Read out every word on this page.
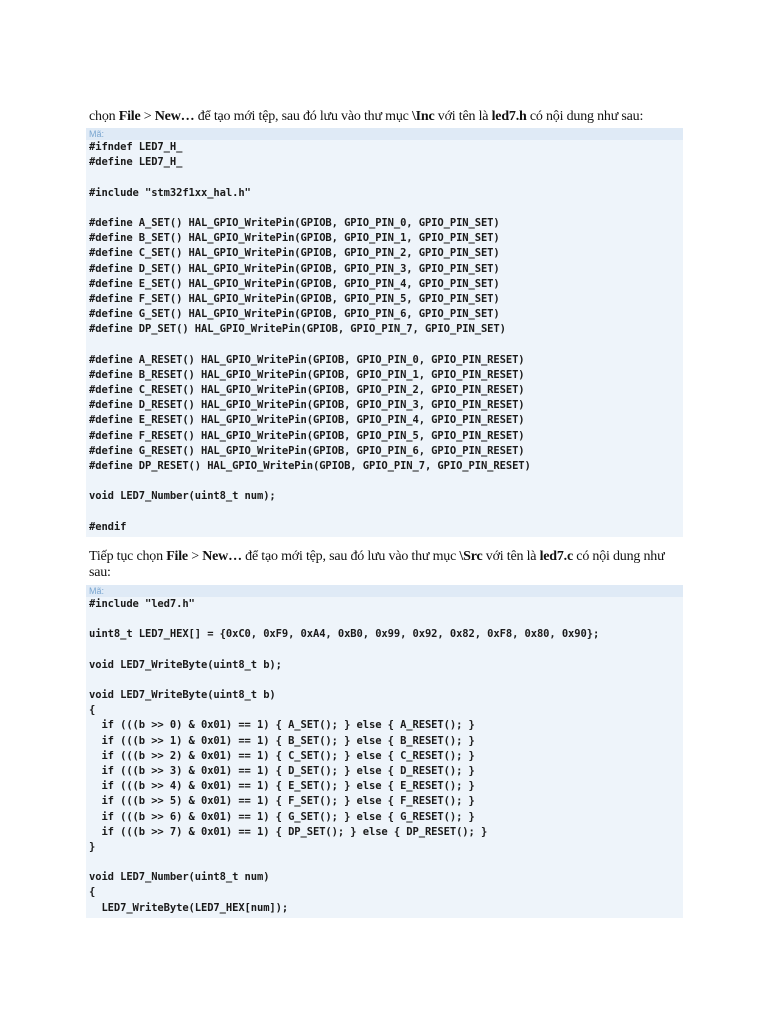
chọn File > New… để tạo mới tệp, sau đó lưu vào thư mục \Inc với tên là led7.h có nội dung như sau:

Mã:
#ifndef LED7_H_
#define LED7_H_
#include "stm32f1xx_hal.h"
#define A_SET() HAL_GPIO_WritePin(GPIOB, GPIO_PIN_0, GPIO_PIN_SET)
#define B_SET() HAL_GPIO_WritePin(GPIOB, GPIO_PIN_1, GPIO_PIN_SET)
#define C_SET() HAL_GPIO_WritePin(GPIOB, GPIO_PIN_2, GPIO_PIN_SET)
#define D_SET() HAL_GPIO_WritePin(GPIOB, GPIO_PIN_3, GPIO_PIN_SET)
#define E_SET() HAL_GPIO_WritePin(GPIOB, GPIO_PIN_4, GPIO_PIN_SET)
#define F_SET() HAL_GPIO_WritePin(GPIOB, GPIO_PIN_5, GPIO_PIN_SET)
#define G_SET() HAL_GPIO_WritePin(GPIOB, GPIO_PIN_6, GPIO_PIN_SET)
#define DP_SET() HAL_GPIO_WritePin(GPIOB, GPIO_PIN_7, GPIO_PIN_SET)
#define A_RESET() HAL_GPIO_WritePin(GPIOB, GPIO_PIN_0, GPIO_PIN_RESET)
#define B_RESET() HAL_GPIO_WritePin(GPIOB, GPIO_PIN_1, GPIO_PIN_RESET)
#define C_RESET() HAL_GPIO_WritePin(GPIOB, GPIO_PIN_2, GPIO_PIN_RESET)
#define D_RESET() HAL_GPIO_WritePin(GPIOB, GPIO_PIN_3, GPIO_PIN_RESET)
#define E_RESET() HAL_GPIO_WritePin(GPIOB, GPIO_PIN_4, GPIO_PIN_RESET)
#define F_RESET() HAL_GPIO_WritePin(GPIOB, GPIO_PIN_5, GPIO_PIN_RESET)
#define G_RESET() HAL_GPIO_WritePin(GPIOB, GPIO_PIN_6, GPIO_PIN_RESET)
#define DP_RESET() HAL_GPIO_WritePin(GPIOB, GPIO_PIN_7, GPIO_PIN_RESET)
void LED7_Number(uint8_t num);
#endif

Tiếp tục chọn File > New… để tạo mới tệp, sau đó lưu vào thư mục \Src với tên là led7.c có nội dung như sau:

Mã:
#include "led7.h"
uint8_t LED7_HEX[] = {0xC0, 0xF9, 0xA4, 0xB0, 0x99, 0x92, 0x82, 0xF8, 0x80, 0x90};
void LED7_WriteByte(uint8_t b);
void LED7_WriteByte(uint8_t b)
{
if (((b >> 0) & 0x01) == 1) { A_SET(); } else { A_RESET(); }
if (((b >> 1) & 0x01) == 1) { B_SET(); } else { B_RESET(); }
if (((b >> 2) & 0x01) == 1) { C_SET(); } else { C_RESET(); }
if (((b >> 3) & 0x01) == 1) { D_SET(); } else { D_RESET(); }
if (((b >> 4) & 0x01) == 1) { E_SET(); } else { E_RESET(); }
if (((b >> 5) & 0x01) == 1) { F_SET(); } else { F_RESET(); }
if (((b >> 6) & 0x01) == 1) { G_SET(); } else { G_RESET(); }
if (((b >> 7) & 0x01) == 1) { DP_SET(); } else { DP_RESET(); }
}
void LED7_Number(uint8_t num)
{
LED7_WriteByte(LED7_HEX[num]);
